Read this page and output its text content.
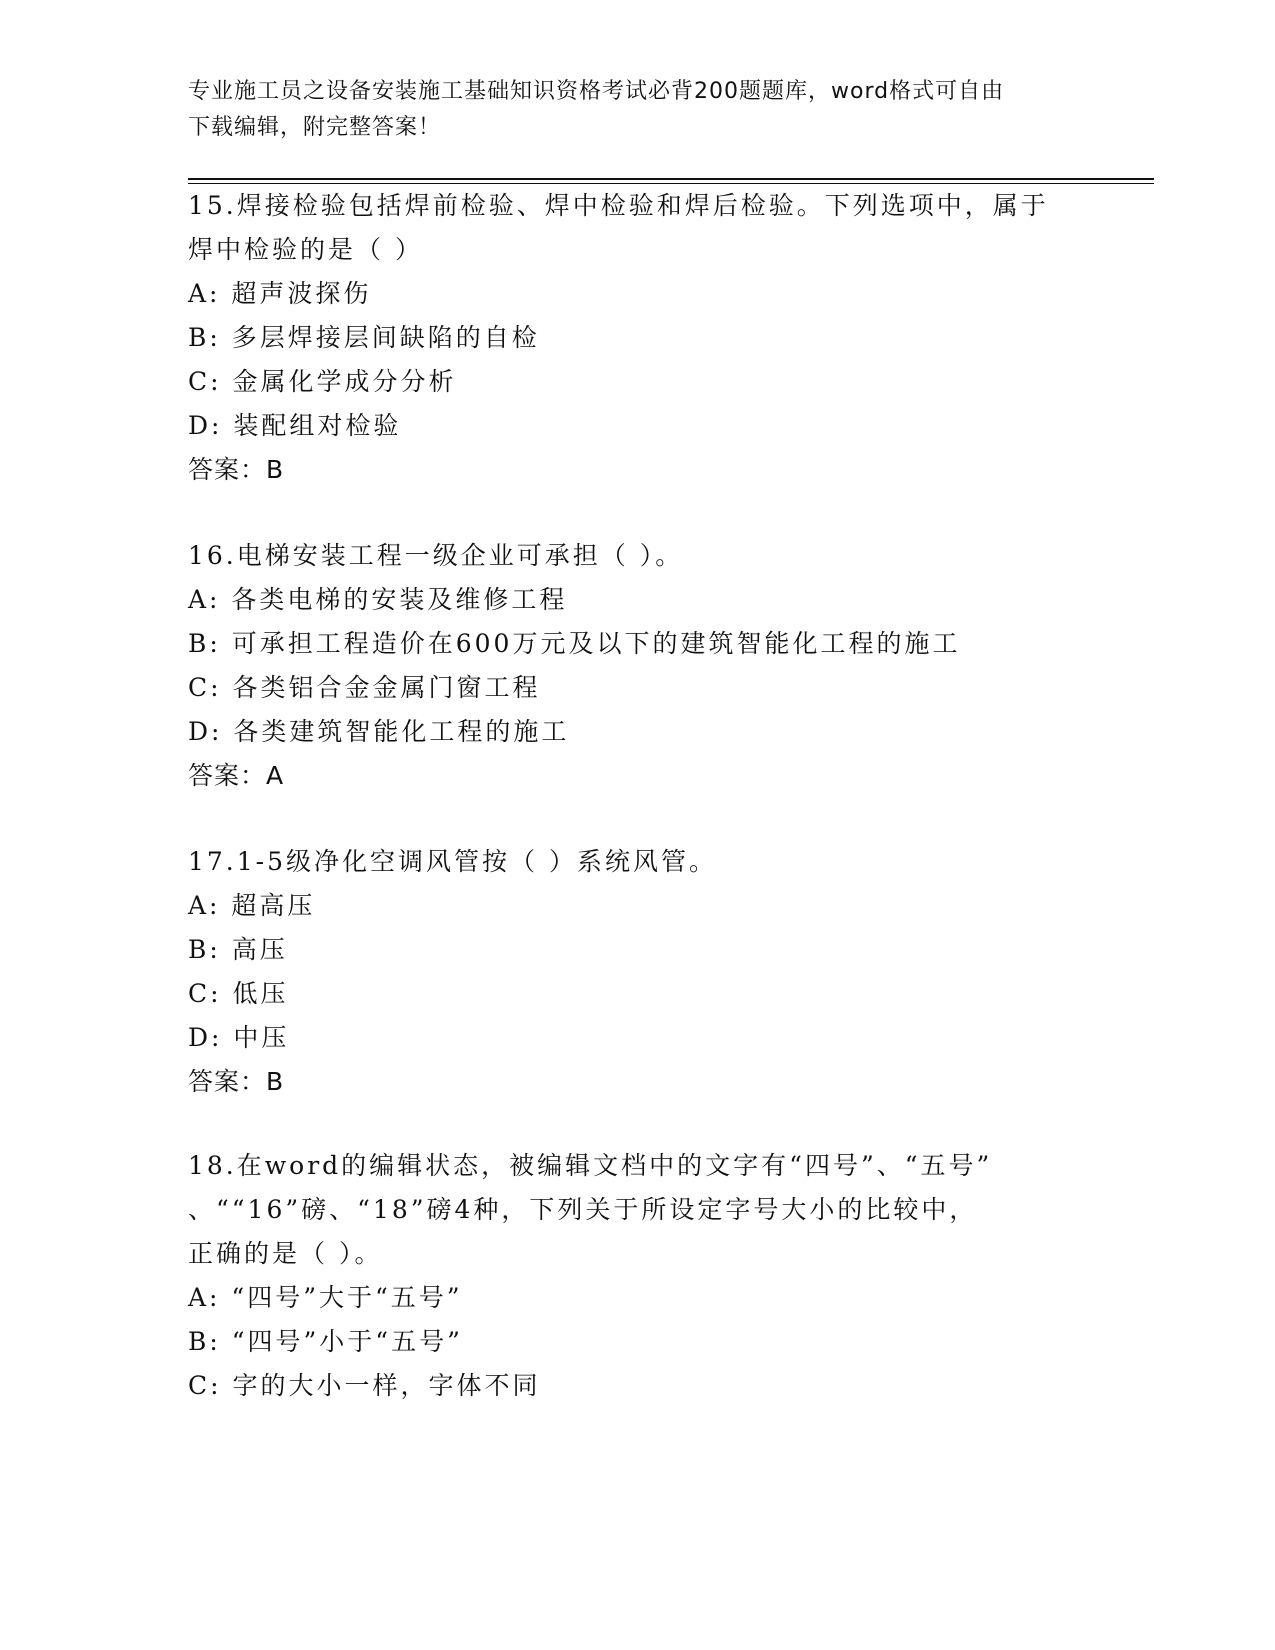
专业施工员之设备安装施工基础知识资格考试必背200题题库，word格式可自由
下载编辑，附完整答案！
15.焊接检验包括焊前检验、焊中检验和焊后检验。下列选项中，属于
焊中检验的是（ ）
A: 超声波探伤
B: 多层焊接层间缺陷的自检
C: 金属化学成分分析
D: 装配组对检验
答案：B
16.电梯安装工程一级企业可承担（ ）。
A: 各类电梯的安装及维修工程
B: 可承担工程造价在600万元及以下的建筑智能化工程的施工
C: 各类铝合金金属门窗工程
D: 各类建筑智能化工程的施工
答案：A
17.1-5级净化空调风管按（ ）系统风管。
A: 超高压
B: 高压
C: 低压
D: 中压
答案：B
18.在word的编辑状态，被编辑文档中的文字有“四号”、“五号”
、““16”磅、“18”磅4种，下列关于所设定字号大小的比较中，
正确的是（ ）。
A: “四号”大于“五号”
B: “四号”小于“五号”
C: 字的大小一样，字体不同
